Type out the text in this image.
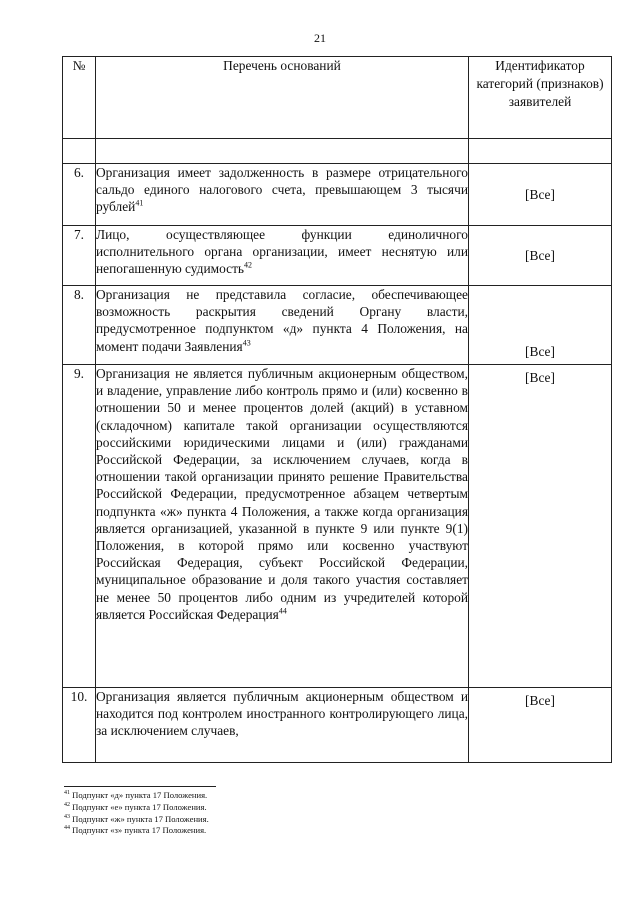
21
№	Перечень оснований	Идентификатор категорий (признаков) заявителей

6.	Организация имеет задолженность в размере отрицательного сальдо единого налогового счета, превышающем 3 тысячи рублей$^{41}$	[Все]
7.	Лицо, осуществляющее функции единоличного исполнительного органа организации, имеет неснятую или непогашенную судимость$^{42}$	[Все]
8.	Организация не представила согласие, обеспечивающее возможность раскрытия сведений Органу власти, предусмотренное подпунктом «д» пункта 4 Положения, на момент подачи Заявления$^{43}$	[Все]
9.	Организация не является публичным акционерным обществом, и владение, управление либо контроль прямо и (или) косвенно в отношении 50 и менее процентов долей (акций) в уставном (складочном) капитале такой организации осуществляются российскими юридическими лицами и (или) гражданами Российской Федерации, за исключением случаев, когда в отношении такой организации принято решение Правительства Российской Федерации, предусмотренное абзацем четвертым подпункта «ж» пункта 4 Положения, а также когда организация является организацией, указанной в пункте 9 или пункте 9(1) Положения, в которой прямо или косвенно участвуют Российская Федерация, субъект Российской Федерации, муниципальное образование и доля такого участия составляет не менее 50 процентов либо одним из учредителей которой является Российская Федерация$^{44}$	[Все]
10.	Организация является публичным акционерным обществом и находится под контролем иностранного контролирующего лица, за исключением случаев,	[Все]
$^{41}$ Подпункт «д» пункта 17 Положения.
$^{42}$ Подпункт «е» пункта 17 Положения.
$^{43}$ Подпункт «ж» пункта 17 Положения.
$^{44}$ Подпункт «з» пункта 17 Положения.
